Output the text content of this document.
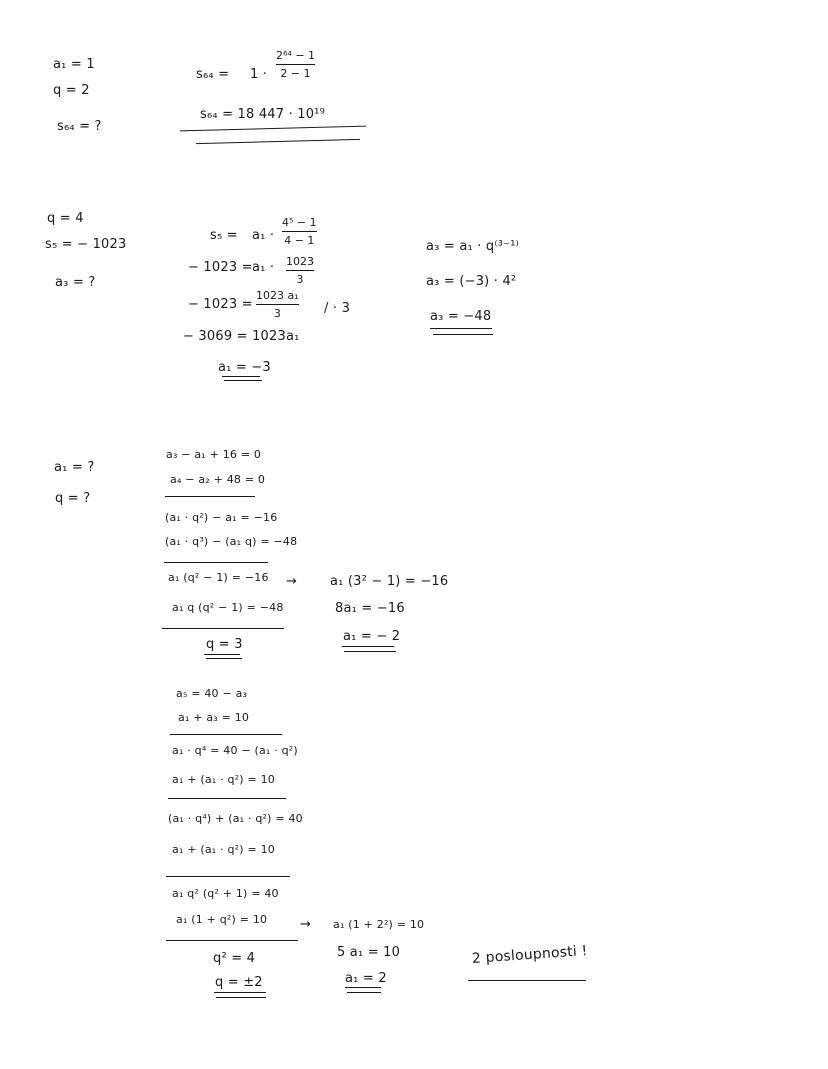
a₁ = 1
q = 2
s₆₄ = ?
s₆₄ = 1 ·
2⁶⁴ − 1
2 − 1
s₆₄ = 18 447 · 10¹⁹
q = 4
s₅ = − 1023
a₃ = ?
s₅ = a₁ ·
4⁵ − 1
4 − 1
− 1023 = a₁ · 1023
3
− 1023 =
1023 a₁
3	/ · 3
− 3069 = 1023a₁
a₁ = −3
a₃ = a₁ · q⁽³⁻¹⁾
a₃ = (−3) · 4²
a₃ = −48
a₁ = ?
q = ?
a₃ − a₁ + 16 = 0
a₄ − a₂ + 48 = 0
(a₁ · q²) − a₁ = −16
(a₁ · q³) − (a₁ q) = −48
a₁ (q² − 1) = −16
a₁ q (q² − 1) = −48
q = 3
→	a₁ (3² − 1) = −16
8a₁ = −16
a₁ = − 2
a₅ = 40 − a₃
a₁ + a₃ = 10
a₁ · q⁴ = 40 − (a₁ · q²)
a₁ + (a₁ · q²) = 10
(a₁ · q⁴) + (a₁ · q²) = 40
a₁ + (a₁ · q²) = 10
a₁ q² (q² + 1) = 40
a₁ (1 + q²) = 10
q² = 4
q = ±2
→ a₁ (1 + 2²) = 10
5 a₁ = 10
a₁ = 2
2 posloupnosti !
